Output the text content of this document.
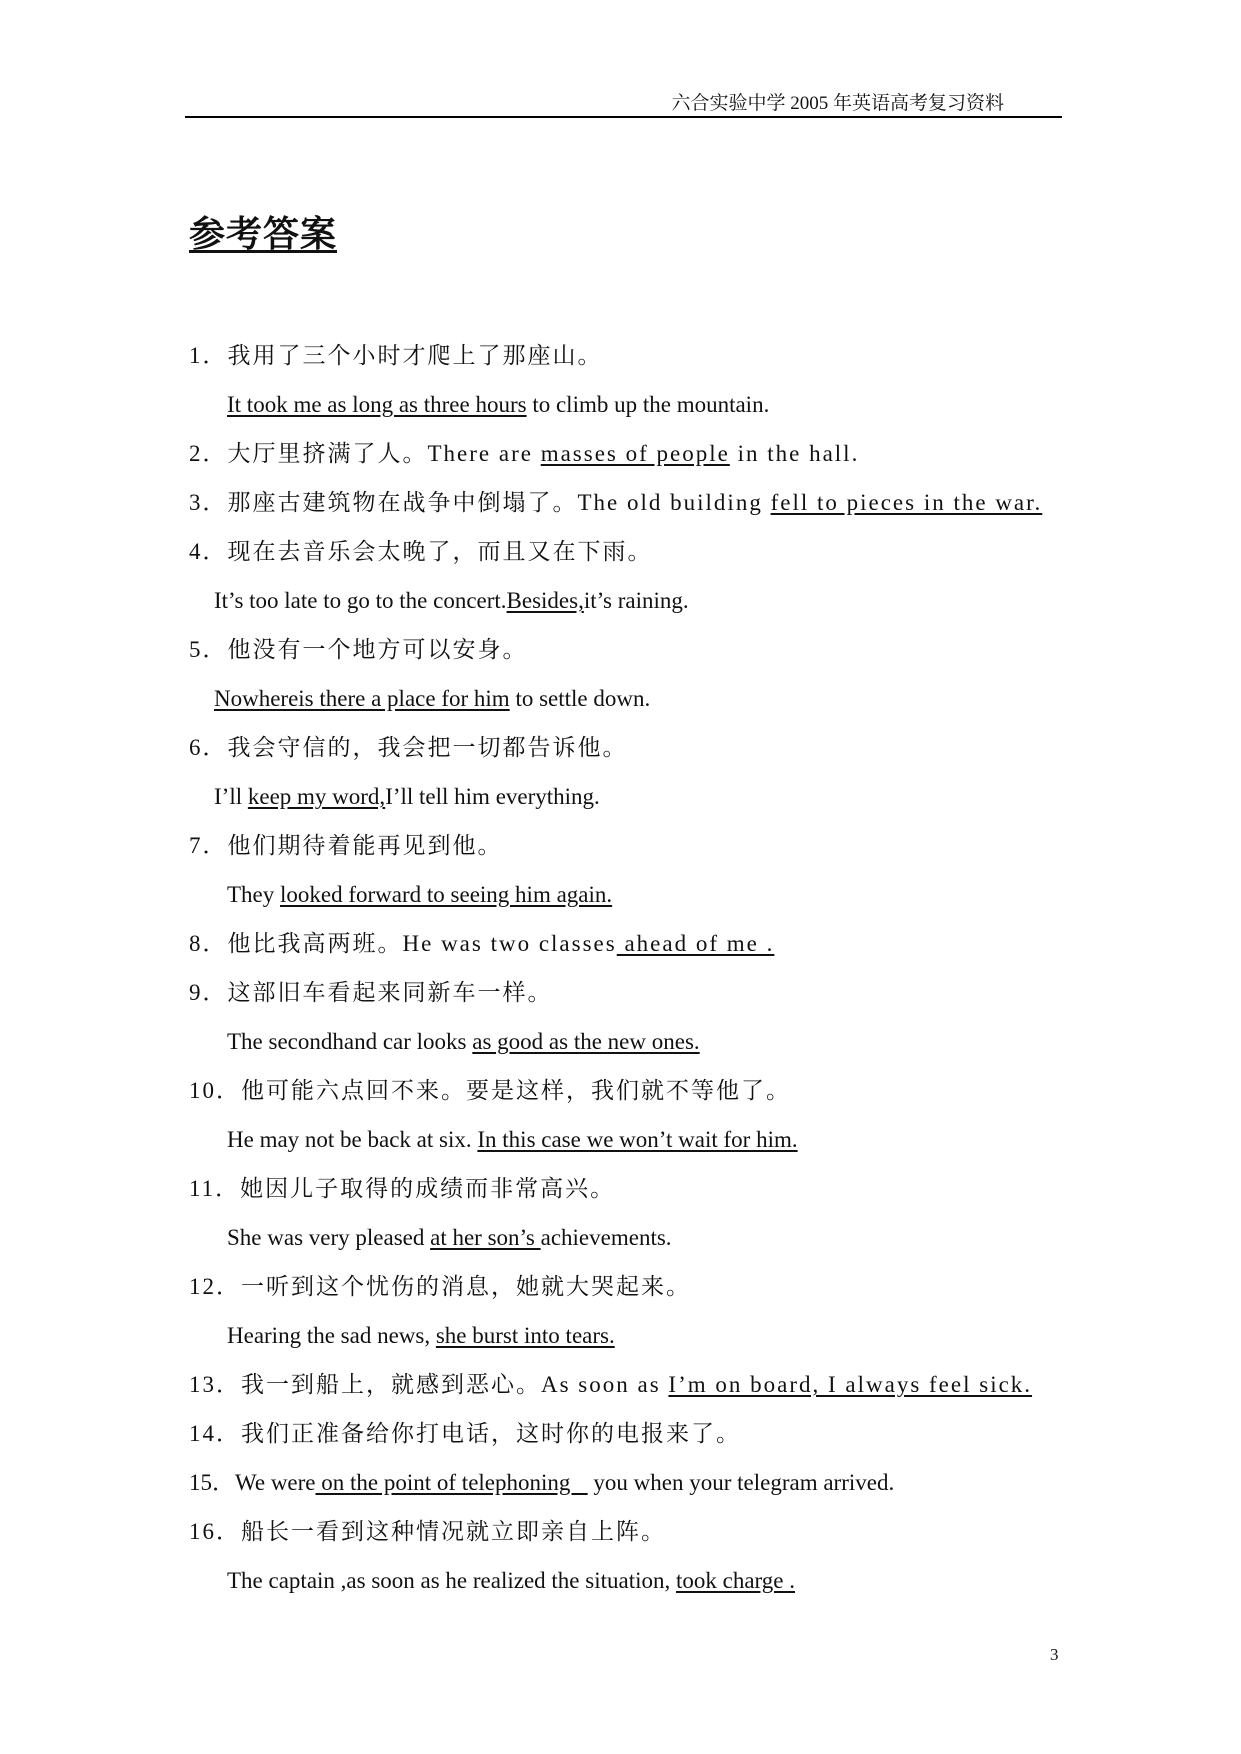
六合实验中学 2005 年英语高考复习资料
参考答案
1．我用了三个小时才爬上了那座山。
It took me as long as three hours to climb up the mountain.
2．大厅里挤满了人。There are masses of people in the hall.
3．那座古建筑物在战争中倒塌了。The old building fell to pieces in the war.
4．现在去音乐会太晚了，而且又在下雨。
It’s too late to go to the concert.Besides,it’s raining.
5．他没有一个地方可以安身。
Nowhereis there a place for him to settle down.
6．我会守信的，我会把一切都告诉他。
I’ll keep my word,I’ll tell him everything.
7．他们期待着能再见到他。
They looked forward to seeing him again.
8．他比我高两班。He was two classes ahead of me .
9．这部旧车看起来同新车一样。
The secondhand car looks as good as the new ones.
10．他可能六点回不来。要是这样，我们就不等他了。
He may not be back at six. In this case we won’t wait for him.
11．她因儿子取得的成绩而非常高兴。
She was very pleased at her son’s achievements.
12．一听到这个忧伤的消息，她就大哭起来。
Hearing the sad news, she burst into tears.
13．我一到船上，就感到恶心。As soon as I’m on board, I always feel sick.
14．我们正准备给你打电话，这时你的电报来了。
15．We were on the point of telephoning    you when your telegram arrived.
16．船长一看到这种情况就立即亲自上阵。
The captain ,as soon as he realized the situation, took charge .
3
